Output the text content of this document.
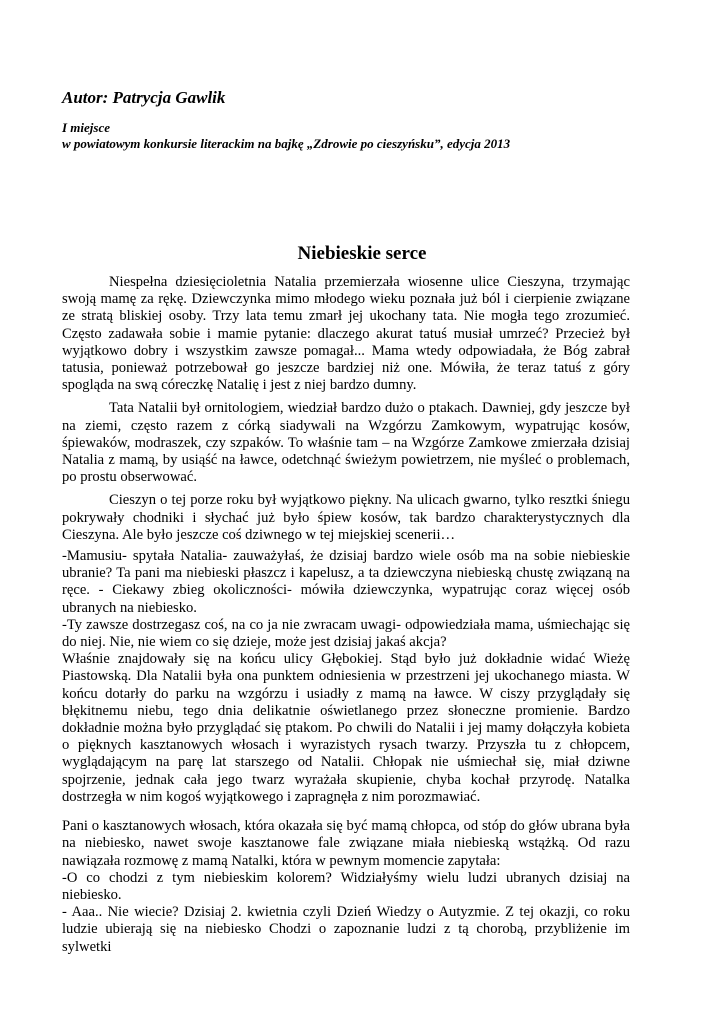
Autor: Patrycja Gawlik
I miejsce
w powiatowym konkursie literackim na bajkę „Zdrowie po cieszyńsku”, edycja 2013
Niebieskie serce

Niespełna dziesięcioletnia Natalia przemierzała wiosenne ulice Cieszyna, trzymając swoją mamę za rękę. Dziewczynka mimo młodego wieku poznała już ból i cierpienie związane ze stratą bliskiej osoby. Trzy lata temu zmarł jej ukochany tata. Nie mogła tego zrozumieć. Często zadawała sobie i mamie pytanie: dlaczego akurat tatuś musiał umrzeć? Przecież był wyjątkowo dobry i wszystkim zawsze pomagał... Mama wtedy odpowiadała, że Bóg zabrał tatusia, ponieważ potrzebował go jeszcze bardziej niż one. Mówiła, że teraz tatuś z góry spogląda na swą córeczkę Natalię i jest z niej bardzo dumny.

Tata Natalii był ornitologiem, wiedział bardzo dużo o ptakach. Dawniej, gdy jeszcze był na ziemi, często razem z córką siadywali na Wzgórzu Zamkowym, wypatrując kosów, śpiewaków, modraszek, czy szpaków. To właśnie tam – na Wzgórze Zamkowe zmierzała dzisiaj Natalia z mamą, by usiąść na ławce, odetchnąć świeżym powietrzem, nie myśleć o problemach, po prostu obserwować.

Cieszyn o tej porze roku był wyjątkowo piękny. Na ulicach gwarno, tylko resztki śniegu pokrywały chodniki i słychać już było śpiew kosów, tak bardzo charakterystycznych dla Cieszyna. Ale było jeszcze coś dziwnego w tej miejskiej scenerii…

-Mamusiu- spytała Natalia- zauważyłaś, że dzisiaj bardzo wiele osób ma na sobie niebieskie ubranie? Ta pani ma niebieski płaszcz i kapelusz, a ta dziewczyna niebieską chustę związaną na ręce. - Ciekawy zbieg okoliczności- mówiła dziewczynka, wypatrując coraz więcej osób ubranych na niebiesko.

-Ty zawsze dostrzegasz coś, na co ja nie zwracam uwagi- odpowiedziała mama, uśmiechając się do niej. Nie, nie wiem co się dzieje, może jest dzisiaj jakaś akcja?

Właśnie znajdowały się na końcu ulicy Głębokiej. Stąd było już dokładnie widać Wieżę Piastowską. Dla Natalii była ona punktem odniesienia w przestrzeni jej ukochanego miasta. W końcu dotarły do parku na wzgórzu i usiadły z mamą na ławce. W ciszy przyglądały się błękitnemu niebu, tego dnia delikatnie oświetlanego przez słoneczne promienie. Bardzo dokładnie można było przyglądać się ptakom. Po chwili do Natalii i jej mamy dołączyła kobieta o pięknych kasztanowych włosach i wyrazistych rysach twarzy. Przyszła tu z chłopcem, wyglądającym na parę lat starszego od Natalii. Chłopak nie uśmiechał się, miał dziwne spojrzenie, jednak cała jego twarz wyrażała skupienie, chyba kochał przyrodę. Natalka dostrzegła w nim kogoś wyjątkowego i zapragnęła z nim porozmawiać.

Pani o kasztanowych włosach, która okazała się być mamą chłopca, od stóp do głów ubrana była na niebiesko, nawet swoje kasztanowe fale związane miała niebieską wstążką. Od razu nawiązała rozmowę z mamą Natalki, która w pewnym momencie zapytała:

-O co chodzi z tym niebieskim kolorem? Widziałyśmy wielu ludzi ubranych dzisiaj na niebiesko.

- Aaa.. Nie wiecie? Dzisiaj 2. kwietnia czyli Dzień Wiedzy o Autyzmie. Z tej okazji, co roku ludzie ubierają się na niebiesko Chodzi o zapoznanie ludzi z tą chorobą, przybliżenie im sylwetki
